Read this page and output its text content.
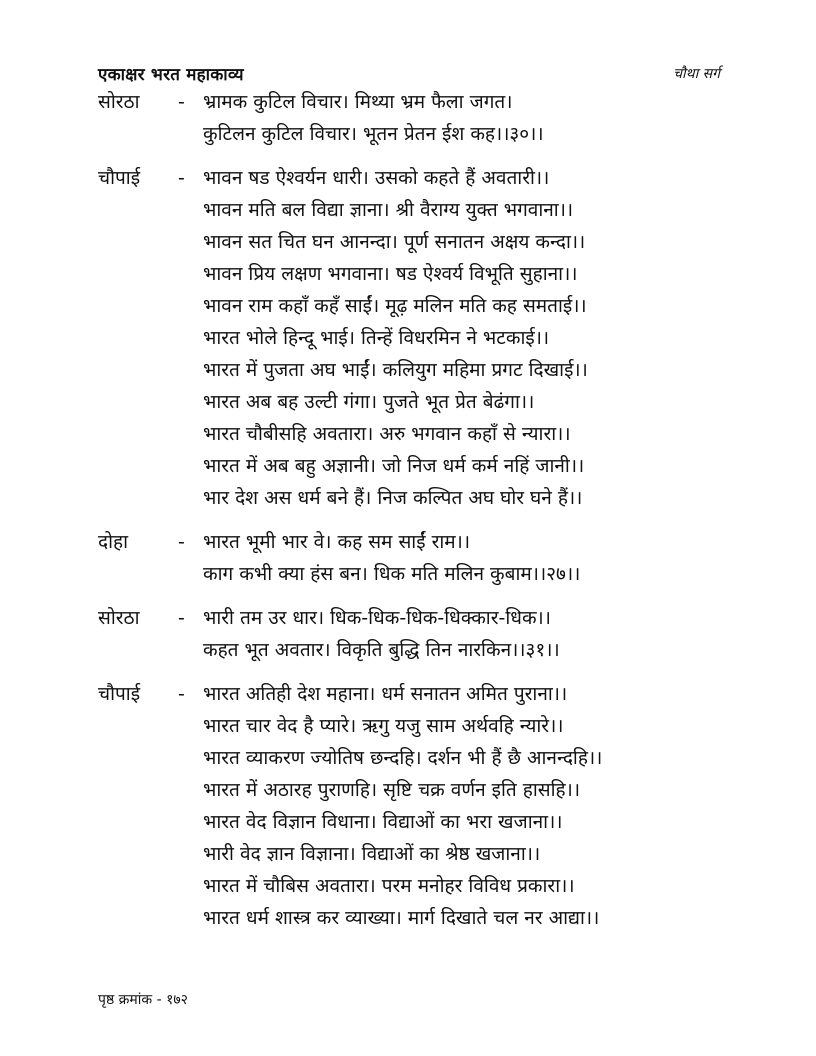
एकाक्षर भरत महाकाव्य	चौथा सर्ग
सोरठा - भ्रामक कुटिल विचार। मिथ्या भ्रम फैला जगत।
कुटिलन कुटिल विचार। भूतन प्रेतन ईश कह।।३०।।
चौपाई - भावन षड ऐश्वर्यन धारी। उसको कहते हैं अवतारी।।
भावन मति बल विद्या ज्ञाना। श्री वैराग्य युक्त भगवाना।।
भावन सत चित घन आनन्दा। पूर्ण सनातन अक्षय कन्दा।।
भावन प्रिय लक्षण भगवाना। षड ऐश्वर्य विभूति सुहाना।।
भावन राम कहाँ कहँ साईं। मूढ़ मलिन मति कह समताई।।
भारत भोले हिन्दू भाई। तिन्हें विधरमिन ने भटकाई।।
भारत में पुजता अघ भाईं। कलियुग महिमा प्रगट दिखाई।।
भारत अब बह उल्टी गंगा। पुजते भूत प्रेत बेढंगा।।
भारत चौबीसहि अवतारा। अरु भगवान कहाँ से न्यारा।।
भारत में अब बहु अज्ञानी। जो निज धर्म कर्म नहिं जानी।।
भार देश अस धर्म बने हैं। निज कल्पित अघ घोर घने हैं।।
दोहा	- भारत भूमी भार वे। कह सम साईं राम।।
काग कभी क्या हंस बन। धिक मति मलिन कुबाम।।२७।।
सोरठा - भारी तम उर धार। धिक-धिक-धिक-धिक्कार-धिक।।
कहत भूत अवतार। विकृति बुद्धि तिन नारकिन।।३१।।
चौपाई - भारत अतिही देश महाना। धर्म सनातन अमित पुराना।।
भारत चार वेद है प्यारे। ऋगु यजु साम अर्थवहि न्यारे।।
भारत व्याकरण ज्योतिष छन्दहि। दर्शन भी हैं छै आनन्दहि।।
भारत में अठारह पुराणहि। सृष्टि चक्र वर्णन इति हासहि।।
भारत वेद विज्ञान विधाना। विद्याओं का भरा खजाना।।
भारी वेद ज्ञान विज्ञाना। विद्याओं का श्रेष्ठ खजाना।।
भारत में चौबिस अवतारा। परम मनोहर विविध प्रकारा।।
भारत धर्म शास्त्र कर व्याख्या। मार्ग दिखाते चल नर आद्या।।
पृष्ठ क्रमांक - १७२
